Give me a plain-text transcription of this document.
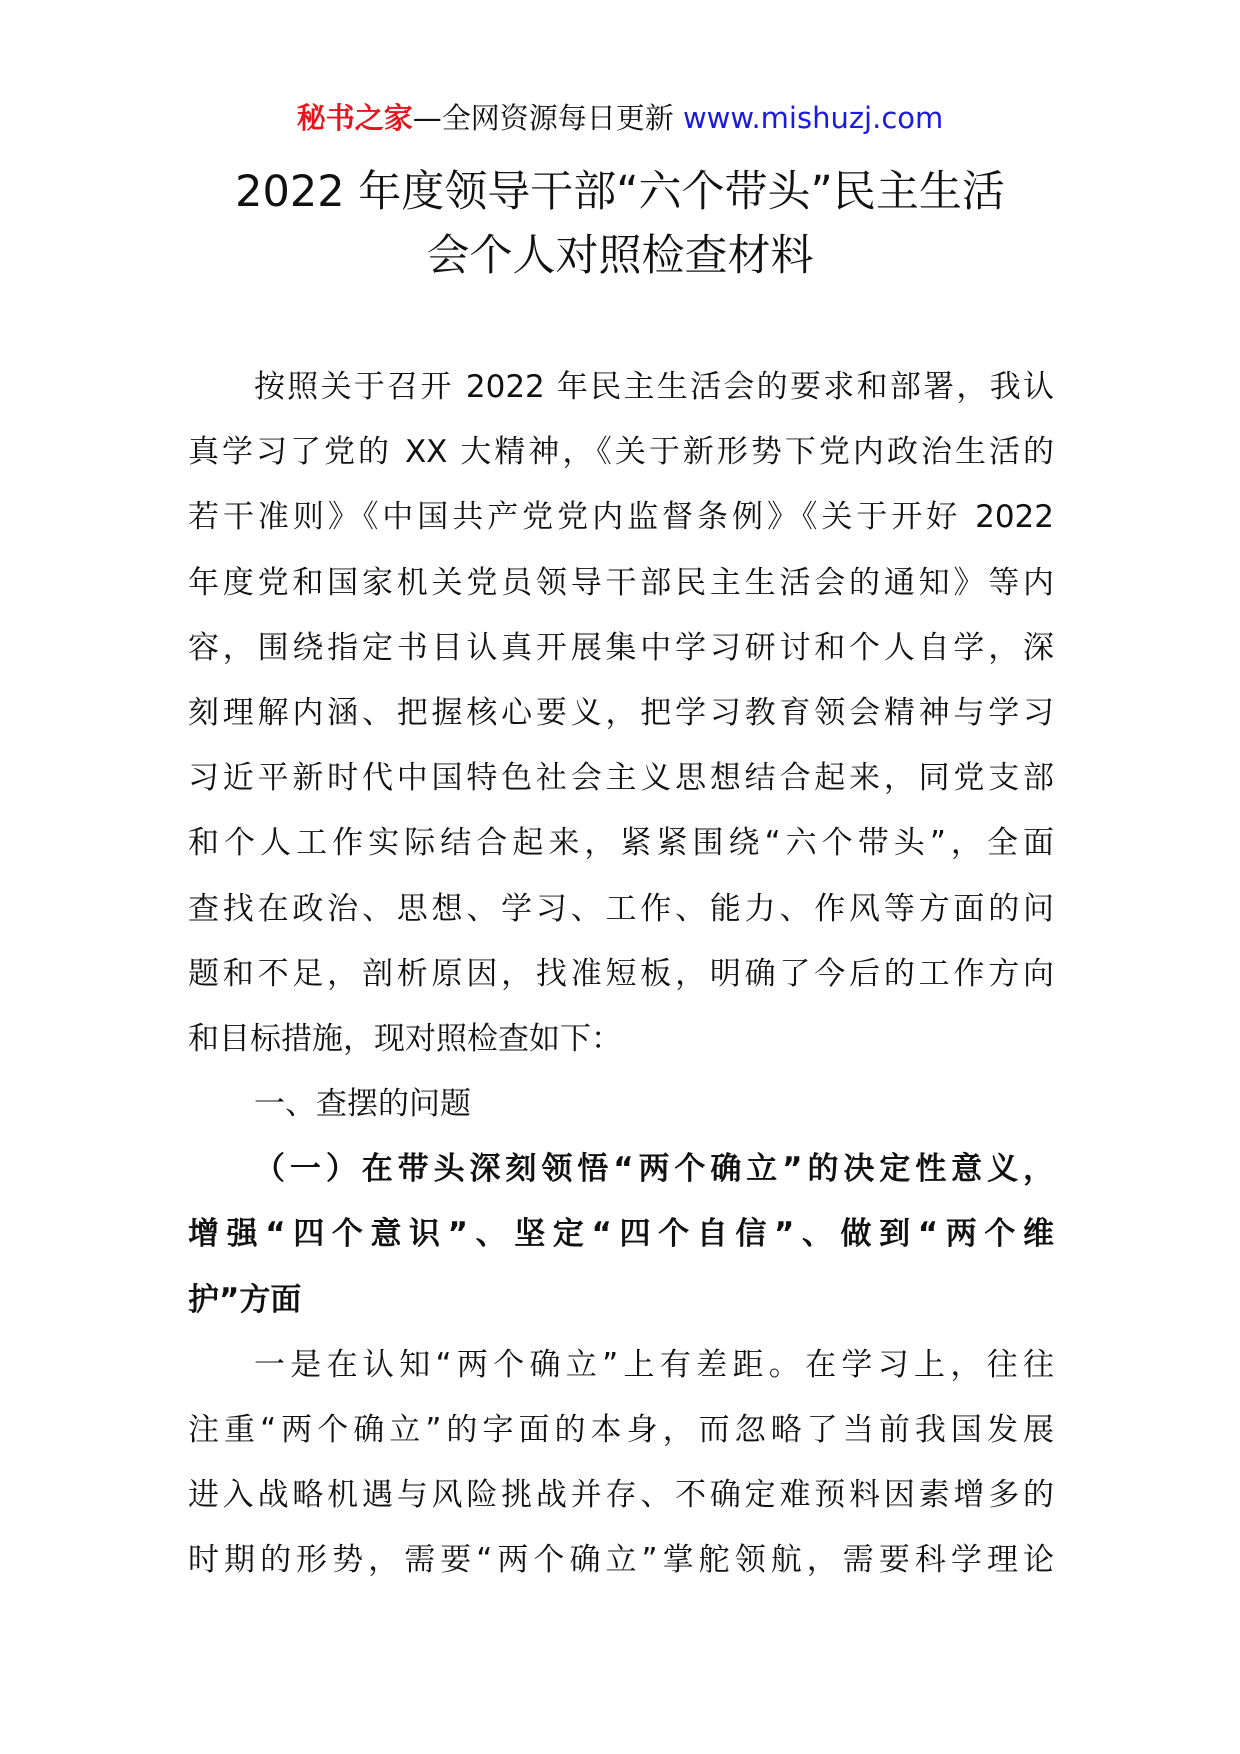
秘书之家—全网资源每日更新 www.mishuzj.com
2022 年度领导干部“六个带头”民主生活
会个人对照检查材料
按照关于召开 2022 年民主生活会的要求和部署，我认
真学习了党的 XX 大精神，《关于新形势下党内政治生活的
若干准则》《中国共产党党内监督条例》《关于开好 2022
年度党和国家机关党员领导干部民主生活会的通知》等内
容，围绕指定书目认真开展集中学习研讨和个人自学，深
刻理解内涵、把握核心要义，把学习教育领会精神与学习
习近平新时代中国特色社会主义思想结合起来，同党支部
和个人工作实际结合起来，紧紧围绕“六个带头”，全面
查找在政治、思想、学习、工作、能力、作风等方面的问
题和不足，剖析原因，找准短板，明确了今后的工作方向
和目标措施，现对照检查如下：
一、查摆的问题
（一）在带头深刻领悟“两个确立”的决定性意义，
增强“四个意识”、坚定“四个自信”、做到“两个维
护”方面
一是在认知“两个确立”上有差距。在学习上，往往
注重“两个确立”的字面的本身，而忽略了当前我国发展
进入战略机遇与风险挑战并存、不确定难预料因素增多的
时期的形势，需要“两个确立”掌舵领航，需要科学理论
